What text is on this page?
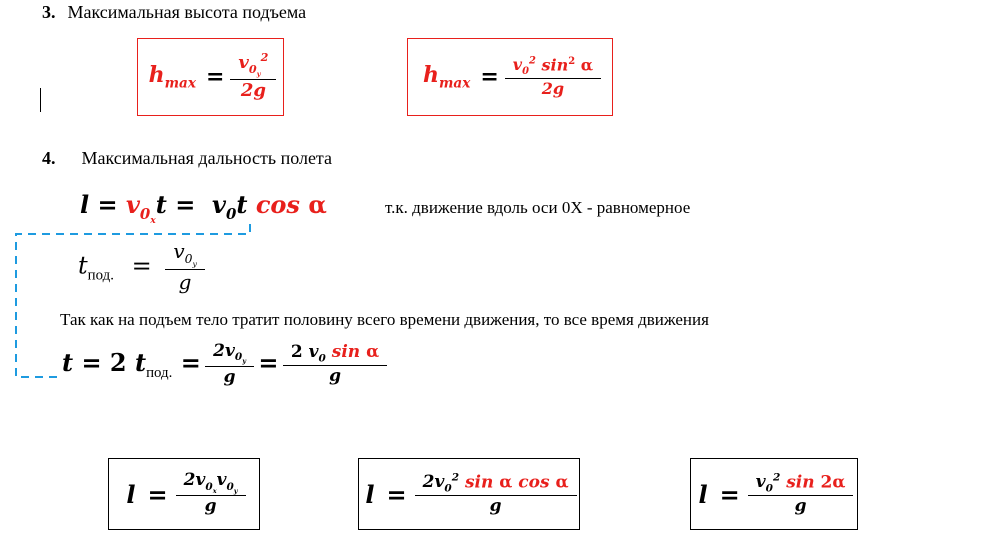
3. Максимальная высота подъема
$h_{max} = \frac{v_{0_y}^2}{2g}$	$h_{max} = \frac{v_0^2 \sin^2 \alpha}{2g}$
4. Максимальная дальность полета
$l = v_{0_x}t = v_0t$ cos α	т.к. движение вдоль оси 0X - равномерное
$t_{под.} = \frac{v_{0_y}}{g}$
Так как на подъем тело тратит половину всего времени движения, то все время движения
t = 2 $t_{под.} = \frac{2v_{0_y}}{g} = \frac{2 v_0 \sin \alpha}{g}$
$l = \frac{2v_{0_x}v_{0_y}}{g}$	$l = \frac{2v_0^2 \sin \alpha \cos \alpha}{g}$	$l = \frac{v_0^2 \sin 2\alpha}{g}$
